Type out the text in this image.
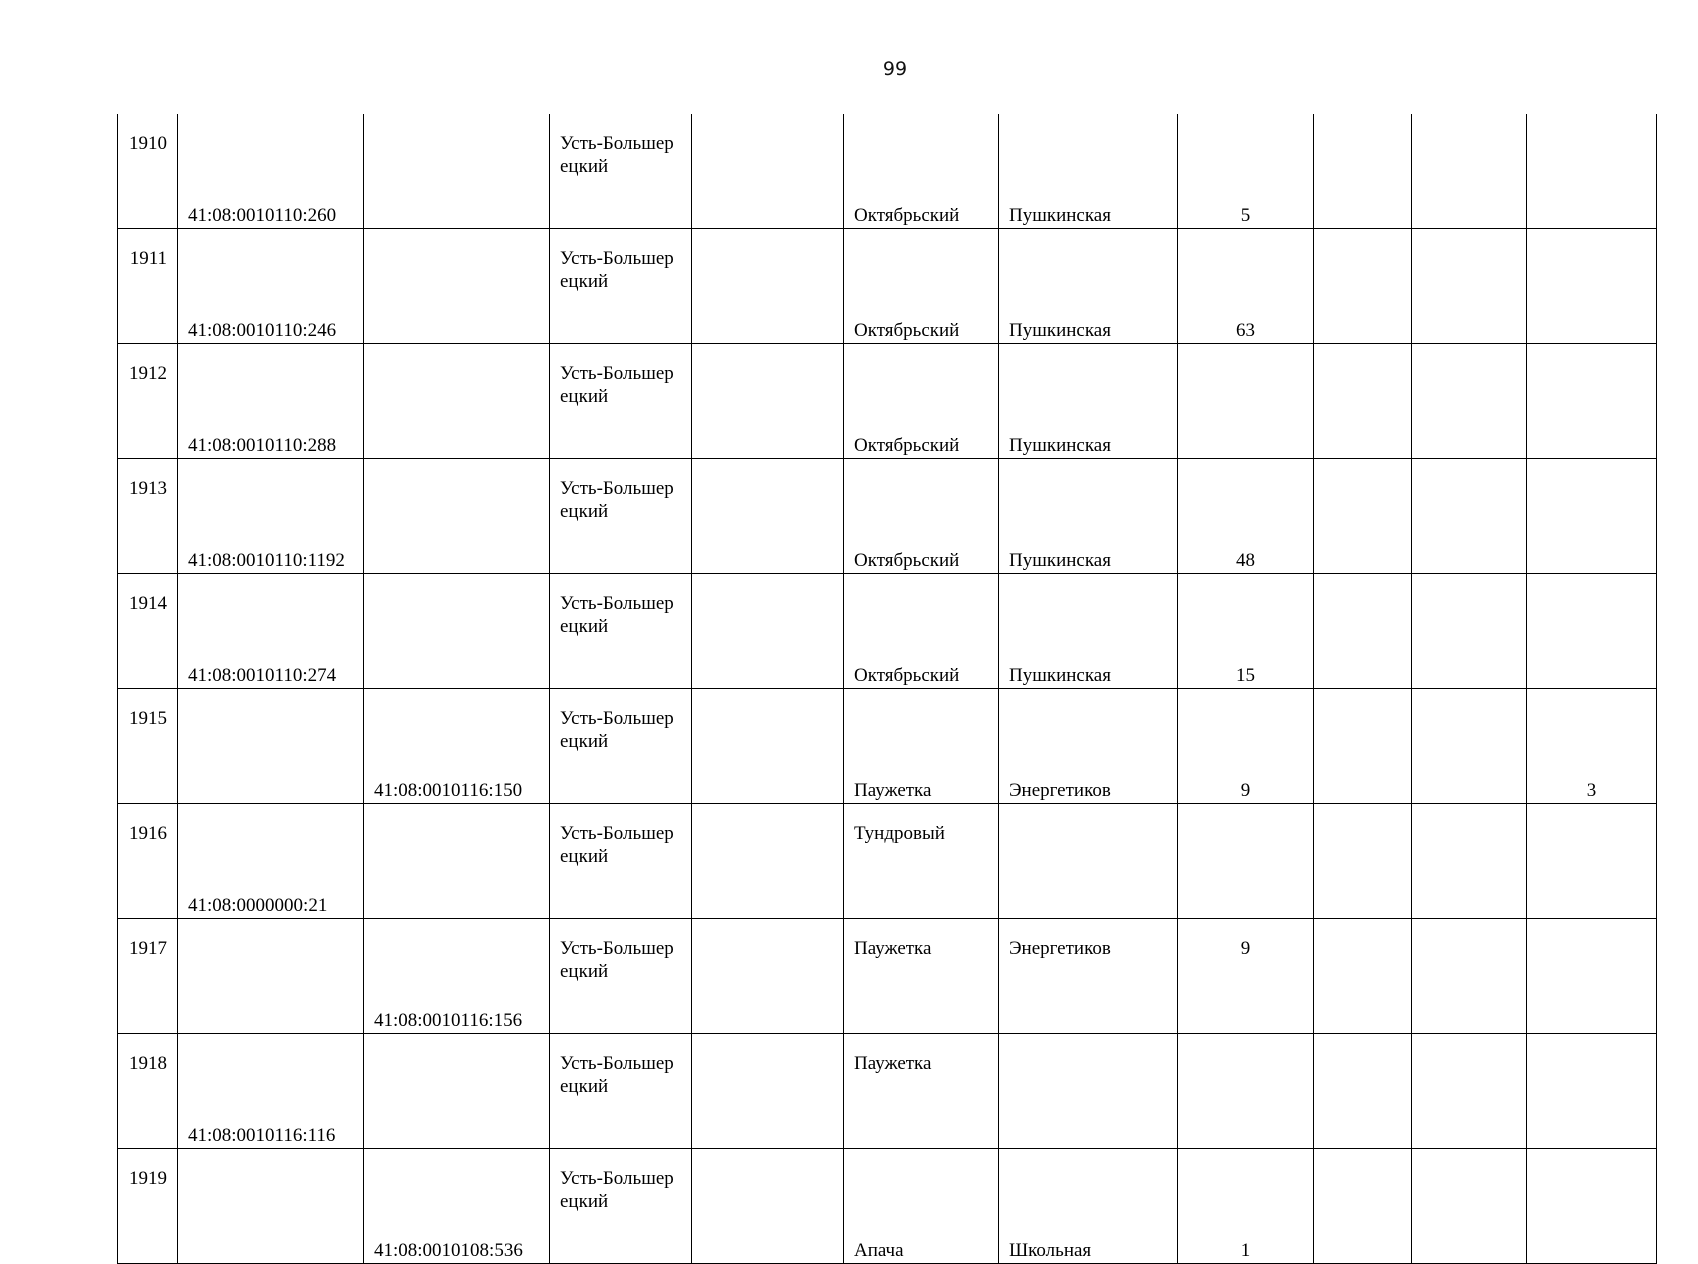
99
1910	41:08:0010110:260		Усть-Большерецкий		Октябрьский	Пушкинская	5			
1911	41:08:0010110:246		Усть-Большерецкий		Октябрьский	Пушкинская	63			
1912	41:08:0010110:288		Усть-Большерецкий		Октябрьский	Пушкинская				
1913	41:08:0010110:1192		Усть-Большерецкий		Октябрьский	Пушкинская	48			
1914	41:08:0010110:274		Усть-Большерецкий		Октябрьский	Пушкинская	15			
1915		41:08:0010116:150	Усть-Большерецкий		Паужетка	Энергетиков	9			3
1916	41:08:0000000:21		Усть-Большерецкий		Тундровый					
1917		41:08:0010116:156	Усть-Большерецкий		Паужетка	Энергетиков	9			
1918	41:08:0010116:116		Усть-Большерецкий		Паужетка					
1919		41:08:0010108:536	Усть-Большерецкий		Апача	Школьная	1			
